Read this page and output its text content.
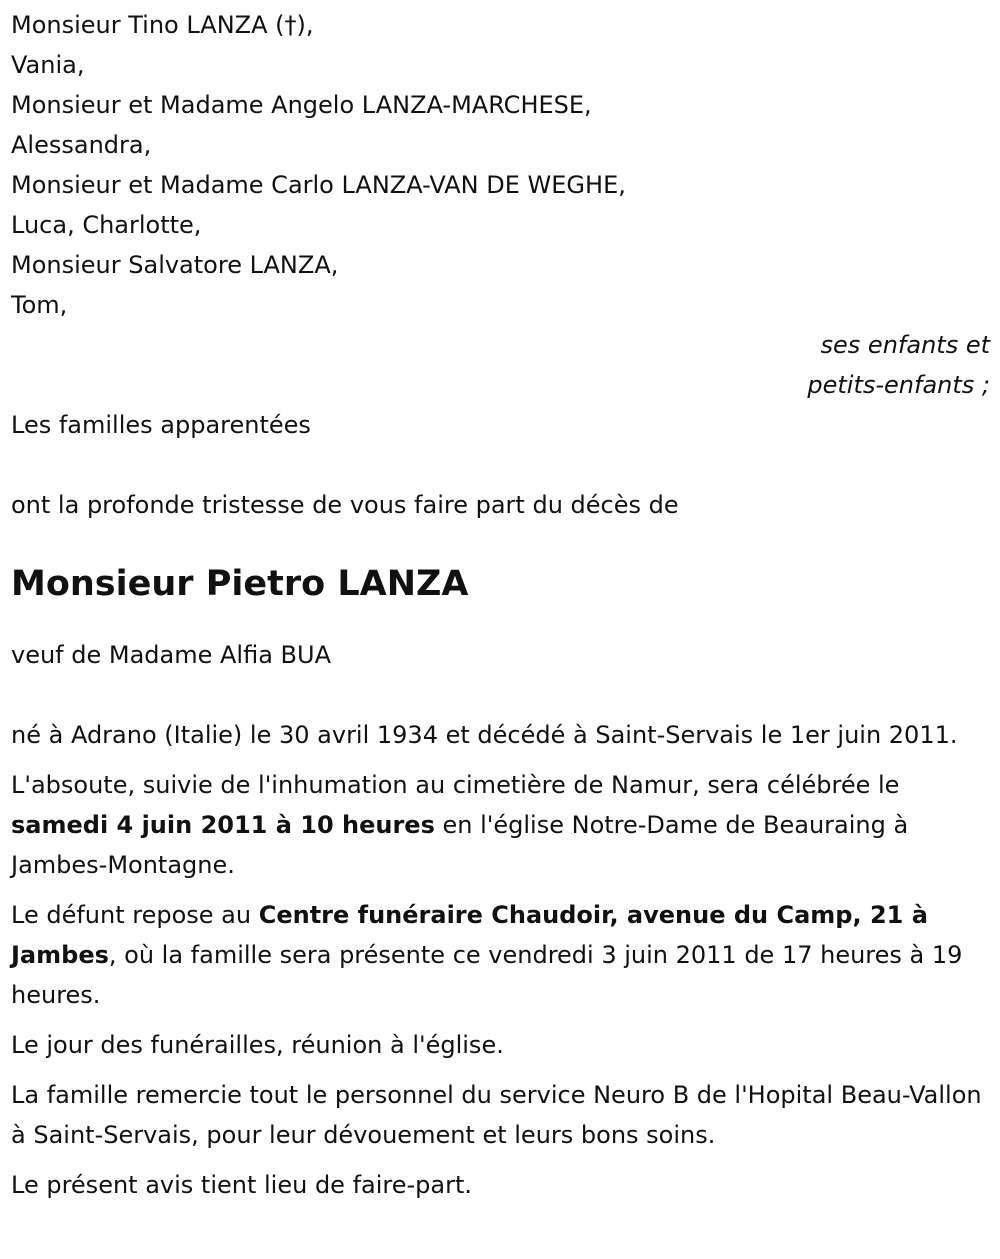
Monsieur Tino LANZA (†),
Vania,
Monsieur et Madame Angelo LANZA-MARCHESE,
Alessandra,
Monsieur et Madame Carlo LANZA-VAN DE WEGHE,
Luca, Charlotte,
Monsieur Salvatore LANZA,
Tom,
ses enfants et
petits-enfants ;
Les familles apparentées
ont la profonde tristesse de vous faire part du décès de
Monsieur Pietro LANZA
veuf de Madame Alfia BUA
né à Adrano (Italie) le 30 avril 1934 et décédé à Saint-Servais le 1er juin 2011.
L'absoute, suivie de l'inhumation au cimetière de Namur, sera célébrée le samedi 4 juin 2011 à 10 heures en l'église Notre-Dame de Beauraing à Jambes-Montagne.
Le défunt repose au Centre funéraire Chaudoir, avenue du Camp, 21 à Jambes, où la famille sera présente ce vendredi 3 juin 2011 de 17 heures à 19 heures.
Le jour des funérailles, réunion à l'église.
La famille remercie tout le personnel du service Neuro B de l'Hopital Beau-Vallon à Saint-Servais, pour leur dévouement et leurs bons soins.
Le présent avis tient lieu de faire-part.
